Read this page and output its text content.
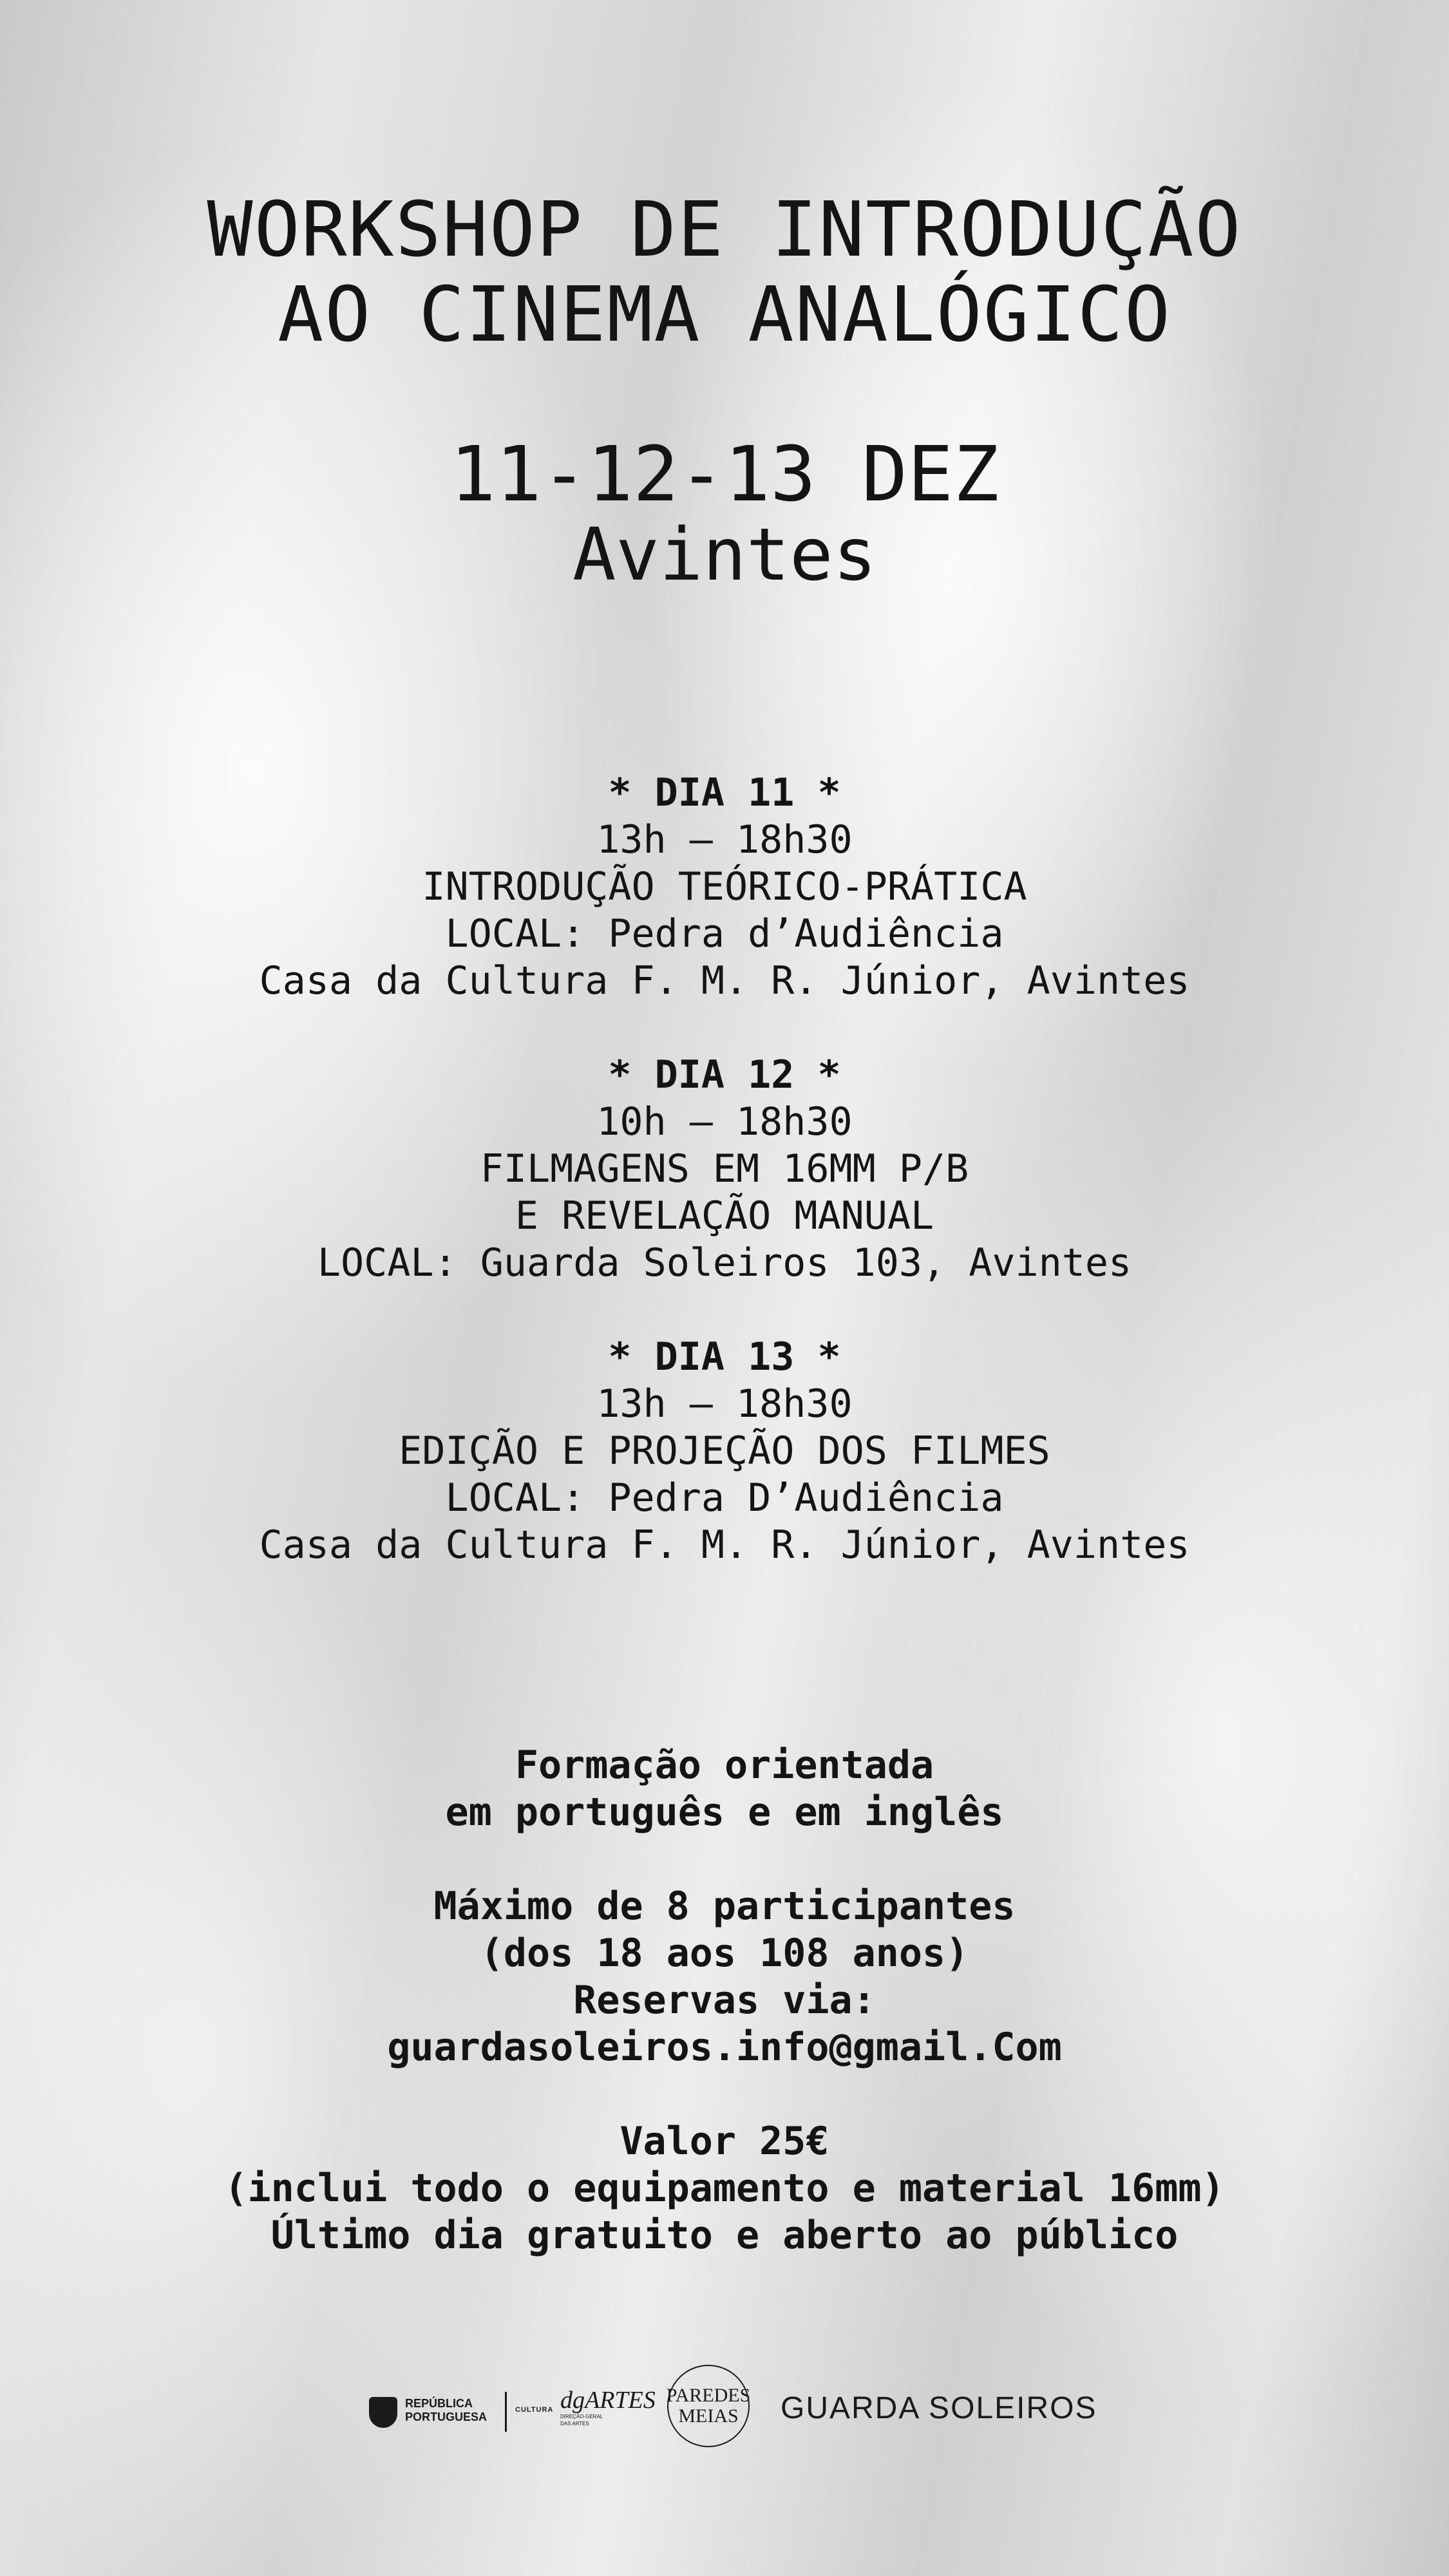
WORKSHOP DE INTRODUÇÃO
AO CINEMA ANALÓGICO
11-12-13 DEZ
Avintes
* DIA 11 *
13h — 18h30
INTRODUÇÃO TEÓRICO-PRÁTICA
LOCAL: Pedra d’Audiência
Casa da Cultura F. M. R. Júnior, Avintes
* DIA 12 *
10h — 18h30
FILMAGENS EM 16MM P/B
E REVELAÇÃO MANUAL
LOCAL: Guarda Soleiros 103, Avintes
* DIA 13 *
13h — 18h30
EDIÇÃO E PROJEÇÃO DOS FILMES
LOCAL: Pedra D’Audiência
Casa da Cultura F. M. R. Júnior, Avintes
Formação orientada
em português e em inglês
Máximo de 8 participantes
(dos 18 aos 108 anos)
Reservas via:
guardasoleiros.info@gmail.Com
Valor 25€
(inclui todo o equipamento e material 16mm)
Último dia gratuito e aberto ao público
REPÚBLICA
PORTUGUESA
CULTURA dgARTES
DIREÇÃO-GERAL
DAS ARTES
PAREDES MEIAS	GUARDA SOLEIROS
